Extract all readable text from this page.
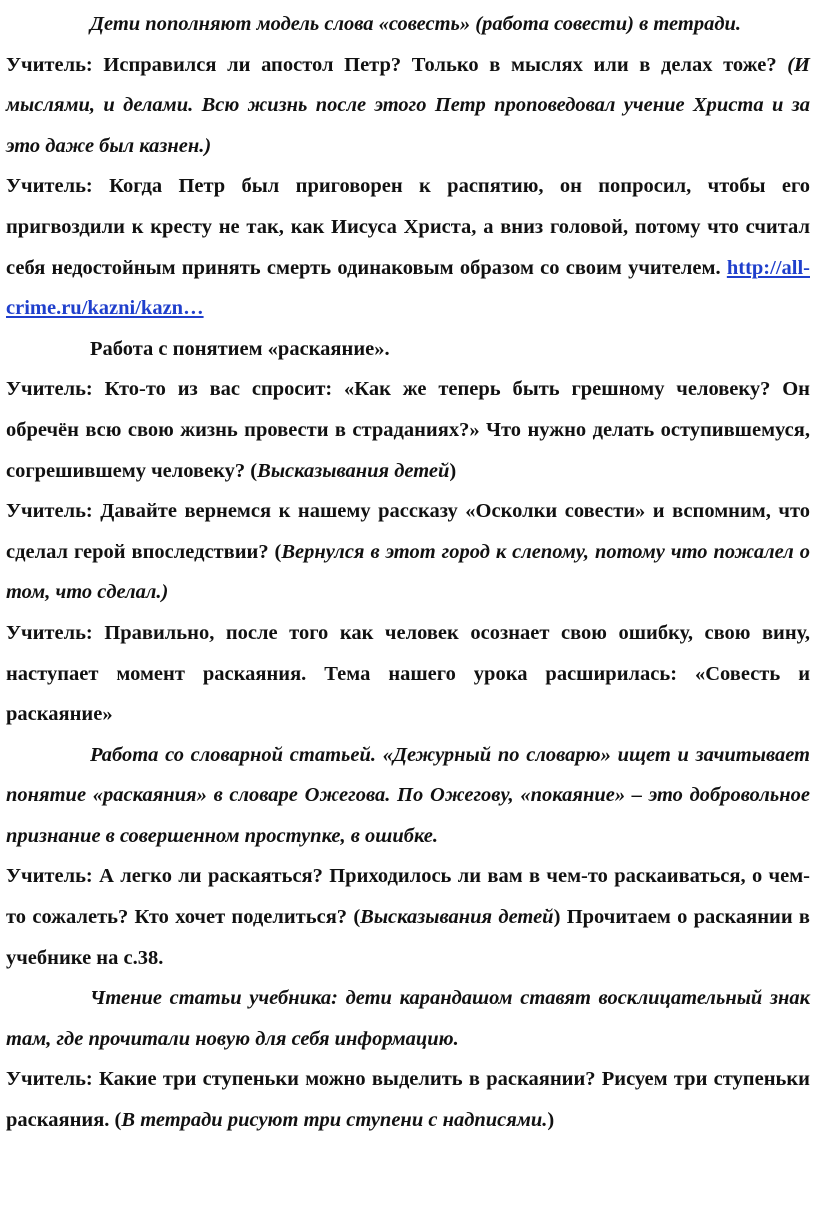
Дети пополняют модель слова «совесть» (работа совести) в тетради.

Учитель: Исправился ли апостол Петр? Только в мыслях или в делах тоже? (И мыслями, и делами. Всю жизнь после этого Петр проповедовал учение Христа и за это даже был казнен.)

Учитель: Когда Петр был приговорен к распятию, он попросил, чтобы его пригвоздили к кресту не так, как Иисуса Христа, а вниз головой, потому что считал себя недостойным принять смерть одинаковым образом со своим учителем. http://all-crime.ru/kazni/kazn…

Работа с понятием «раскаяние».

Учитель: Кто-то из вас спросит: «Как же теперь быть грешному человеку? Он обречён всю свою жизнь провести в страданиях?» Что нужно делать оступившемуся, согрешившему человеку? (Высказывания детей)

Учитель: Давайте вернемся к нашему рассказу «Осколки совести» и вспомним, что сделал герой впоследствии? (Вернулся в этот город к слепому, потому что пожалел о том, что сделал.)

Учитель: Правильно, после того как человек осознает свою ошибку, свою вину, наступает момент раскаяния. Тема нашего урока расширилась: «Совесть и раскаяние»

Работа со словарной статьей. «Дежурный по словарю» ищет и зачитывает понятие «раскаяния» в словаре Ожегова. По Ожегову, «покаяние» – это добровольное признание в совершенном проступке, в ошибке.

Учитель: А легко ли раскаяться? Приходилось ли вам в чем-то раскаиваться, о чем-то сожалеть? Кто хочет поделиться? (Высказывания детей) Прочитаем о раскаянии в учебнике на с.38.

Чтение статьи учебника: дети карандашом ставят восклицательный знак там, где прочитали новую для себя информацию.

Учитель: Какие три ступеньки можно выделить в раскаянии? Рисуем три ступеньки раскаяния. (В тетради рисуют три ступени с надписями.)
